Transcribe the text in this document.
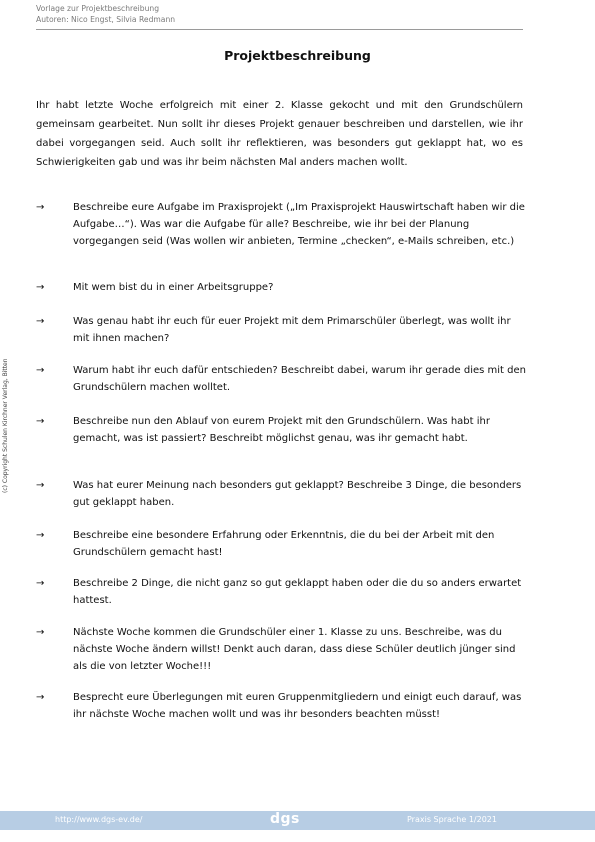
Vorlage zur Projektbeschreibung
Autoren: Nico Engst, Silvia Redmann
Projektbeschreibung

Ihr habt letzte Woche erfolgreich mit einer 2. Klasse gekocht und mit den Grundschülern gemeinsam gearbeitet. Nun sollt ihr dieses Projekt genauer beschreiben und darstellen, wie ihr dabei vorgegangen seid. Auch sollt ihr reflektieren, was besonders gut geklappt hat, wo es Schwierigkeiten gab und was ihr beim nächsten Mal anders machen wollt.

→	Beschreibe eure Aufgabe im Praxisprojekt („Im Praxisprojekt Hauswirtschaft haben wir die Aufgabe…“). Was war die Aufgabe für alle? Beschreibe, wie ihr bei der Planung vorgegangen seid (Was wollen wir anbieten, Termine „checken“, e-Mails schreiben, etc.)
→	Mit wem bist du in einer Arbeitsgruppe?
→	Was genau habt ihr euch für euer Projekt mit dem Primarschüler überlegt, was wollt ihr mit ihnen machen?
→	Warum habt ihr euch dafür entschieden? Beschreibt dabei, warum ihr gerade dies mit den Grundschülern machen wolltet.
→	Beschreibe nun den Ablauf von eurem Projekt mit den Grundschülern. Was habt ihr gemacht, was ist passiert? Beschreibt möglichst genau, was ihr gemacht habt.
→	Was hat eurer Meinung nach besonders gut geklappt? Beschreibe 3 Dinge, die besonders gut geklappt haben.
→	Beschreibe eine besondere Erfahrung oder Erkenntnis, die du bei der Arbeit mit den Grundschülern gemacht hast!
→	Beschreibe 2 Dinge, die nicht ganz so gut geklappt haben oder die du so anders erwartet hattest.
→	Nächste Woche kommen die Grundschüler einer 1. Klasse zu uns. Beschreibe, was du nächste Woche ändern willst! Denkt auch daran, dass diese Schüler deutlich jünger sind als die von letzter Woche!!!
→	Besprecht eure Überlegungen mit euren Gruppenmitgliedern und einigt euch darauf, was ihr nächste Woche machen wollt und was ihr besonders beachten müsst!
(c) Copyright Schulen Kirchner Verlag, Bitten
http://www.dgs-ev.de/	dgs	Praxis Sprache 1/2021
